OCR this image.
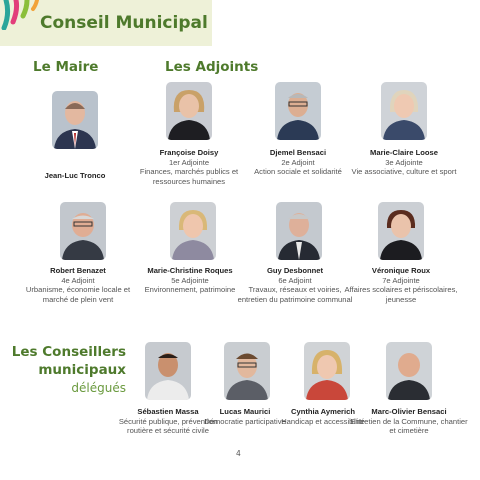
Conseil Municipal
Le Maire	Les Adjoints
Les Conseillers
municipaux
délégués
Jean-Luc Tronco
Françoise Doisy
1er Adjointe
Finances, marchés publics et ressources humaines
Djemel Bensaci
2e Adjoint
Action sociale et solidarité
Marie-Claire Loose
3e Adjointe
Vie associative, culture et sport
Robert Benazet
4e Adjoint
Urbanisme, économie locale et marché de plein vent
Marie-Christine Roques
5e Adjointe
Environnement, patrimoine
Guy Desbonnet
6e Adjoint
Travaux, réseaux et voiries, entretien du patrimoine communal
Véronique Roux
7e Adjointe
Affaires scolaires et périscolaires, jeunesse
Sébastien Massa
Sécurité publique, prévention routière et sécurité civile
Lucas Maurici
Démocratie participative
Cynthia Aymerich
Handicap et accessibilité
Marc-Olivier Bensaci
Entretien de la Commune, chantier et cimetière
4
